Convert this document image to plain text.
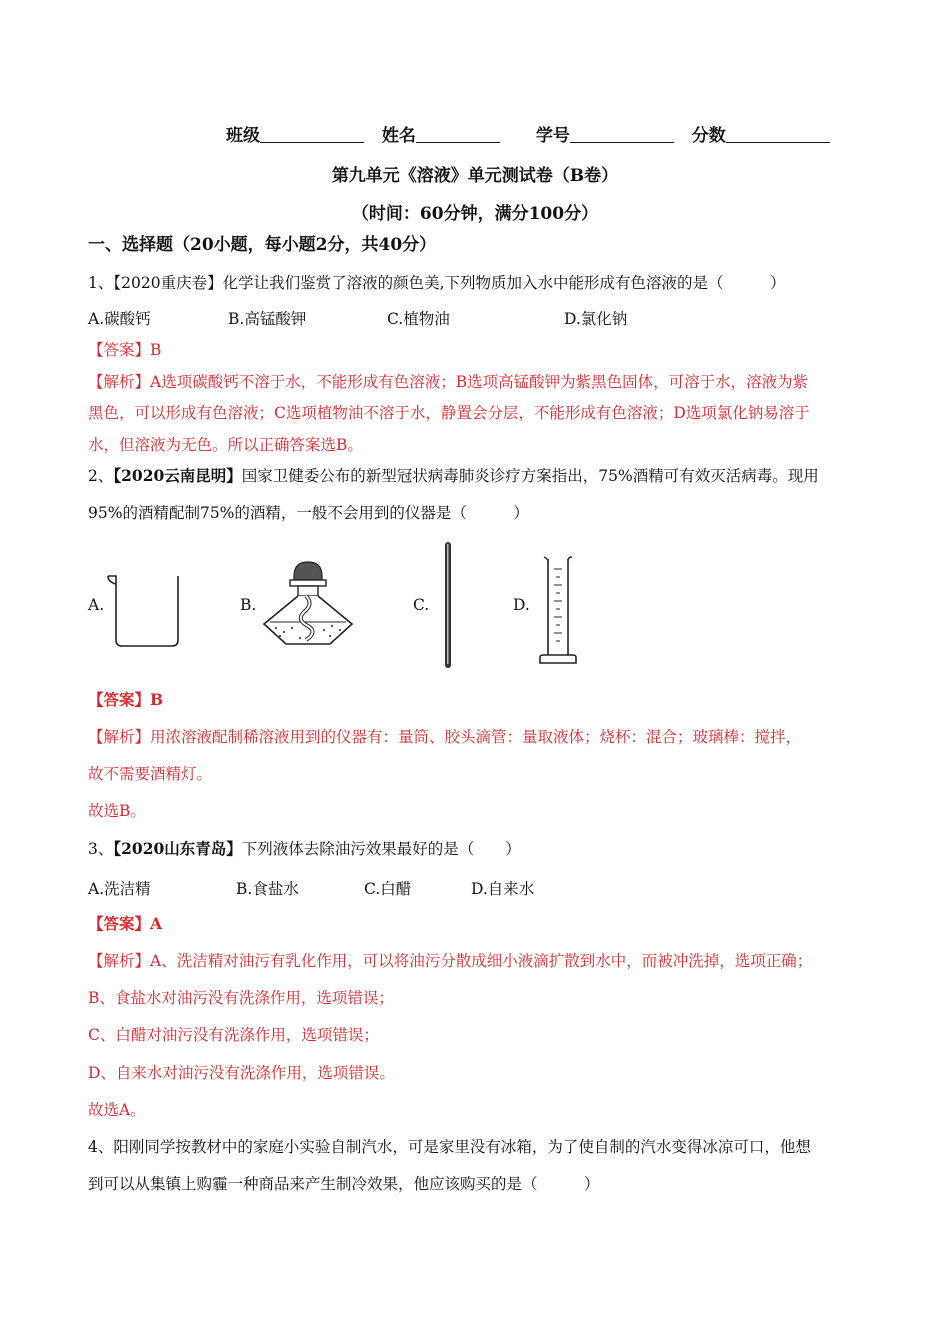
班级	姓名	学号	分数
第九单元《溶液》单元测试卷（B卷）
（时间：60分钟，满分100分）
一、选择题（20小题，每小题2分，共40分）
1、【2020重庆卷】化学让我们鉴赏了溶液的颜色美,下列物质加入水中能形成有色溶液的是（　　　）
A.碳酸钙	B.高锰酸钾	C.植物油	D.氯化钠
【答案】B
【解析】A选项碳酸钙不溶于水，不能形成有色溶液；B选项高锰酸钾为紫黑色固体，可溶于水，溶液为紫
黑色，可以形成有色溶液；C选项植物油不溶于水，静置会分层，不能形成有色溶液；D选项氯化钠易溶于
水，但溶液为无色。所以正确答案选B。
2、【2020云南昆明】国家卫健委公布的新型冠状病毒肺炎诊疗方案指出，75%酒精可有效灭活病毒。现用
95%的酒精配制75%的酒精，一般不会用到的仪器是（　　　）
A.	B.	C.	D.
【答案】B
【解析】用浓溶液配制稀溶液用到的仪器有：量筒、胶头滴管：量取液体；烧杯：混合；玻璃棒：搅拌，
故不需要酒精灯。
故选B。
3、【2020山东青岛】下列液体去除油污效果最好的是（　　）
A.洗洁精	B.食盐水	C.白醋	D.自来水
【答案】A
【解析】A、洗洁精对油污有乳化作用，可以将油污分散成细小液滴扩散到水中，而被冲洗掉，选项正确；
B、食盐水对油污没有洗涤作用，选项错误；
C、白醋对油污没有洗涤作用，选项错误；
D、自来水对油污没有洗涤作用，选项错误。
故选A。
4、阳刚同学按教材中的家庭小实验自制汽水，可是家里没有冰箱，为了使自制的汽水变得冰凉可口，他想
到可以从集镇上购霾一种商品来产生制冷效果，他应该购买的是（　　　）
